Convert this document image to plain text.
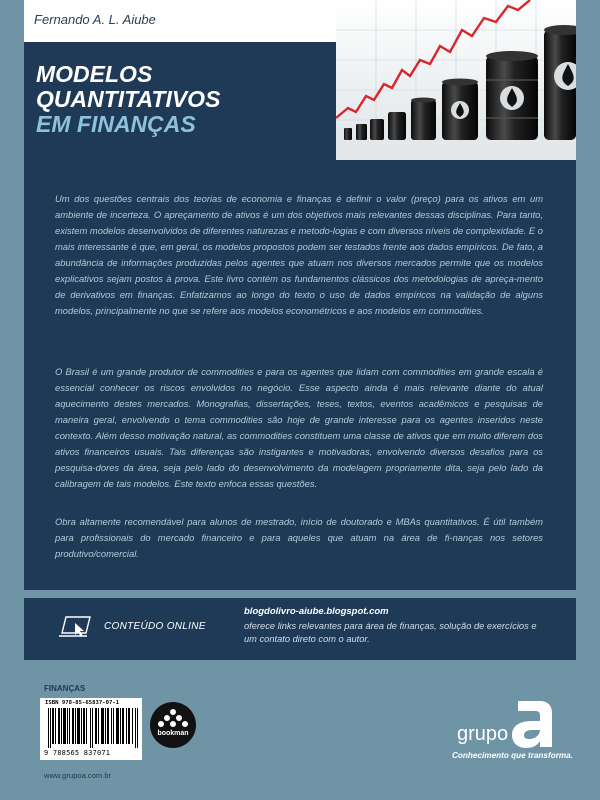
Fernando A. L. Aiube
MODELOS
QUANTITATIVOS
EM FINANÇAS

Um dos questões centrais dos teorias de economia e finanças é definir o valor (preço) para os ativos em um ambiente de incerteza. O apreçamento de ativos é um dos objetivos mais relevantes dessas disciplinas. Para tanto, existem modelos desenvolvidos de diferentes naturezas e metodo-logias e com diversos níveis de complexidade. E o mais interessante é que, em geral, os modelos propostos podem ser testados frente aos dados empíricos. De fato, a abundância de informações produzidas pelos agentes que atuam nos diversos mercados permite que os modelos explicativos sejam postos à prova. Este livro contém os fundamentos clássicos dos metodologias de apreça-mento de derivativos em finanças. Enfatizamos ao longo do texto o uso de dados empíricos na validação de alguns modelos, principalmente no que se refere aos modelos econométricos e aos modelos em commodities.

O Brasil é um grande produtor de commodities e para os agentes que lidam com commodities em grande escala é essencial conhecer os riscos envolvidos no negócio. Esse aspecto ainda é mais relevante diante do atual aquecimento destes mercados. Monografias, dissertações, teses, textos, eventos acadêmicos e pesquisas de maneira geral, envolvendo o tema commodities são hoje de grande interesse para os agentes inseridos neste contexto. Além desso motivação natural, as commodities constituem uma classe de ativos que em muito diferem dos ativos financeiros usuais. Tais diferenças são instigantes e motivadoras, envolvendo diversos desafios para os pesquisa-dores da área, seja pelo lado do desenvolvimento da modelagem propriamente dita, seja pelo lado da calibragem de tais modelos. Este texto enfoca essas questões.

Obra altamente recomendável para alunos de mestrado, início de doutorado e MBAs quantitativos. É útil também para profissionais do mercado financeiro e para aqueles que atuam na área de fi-nanças nos setores produtivo/comercial.

CONTEÚDO ONLINE
blogdolivro-aiube.blogspot.com
oferece links relevantes para área de finanças, solução de exercícios e um contato direto com o autor.
FINANÇAS
ISBN 978-85-65837-07-1
9 788565 837071
bookman	grupo
Conhecimento que transforma.
www.grupoa.com.br
